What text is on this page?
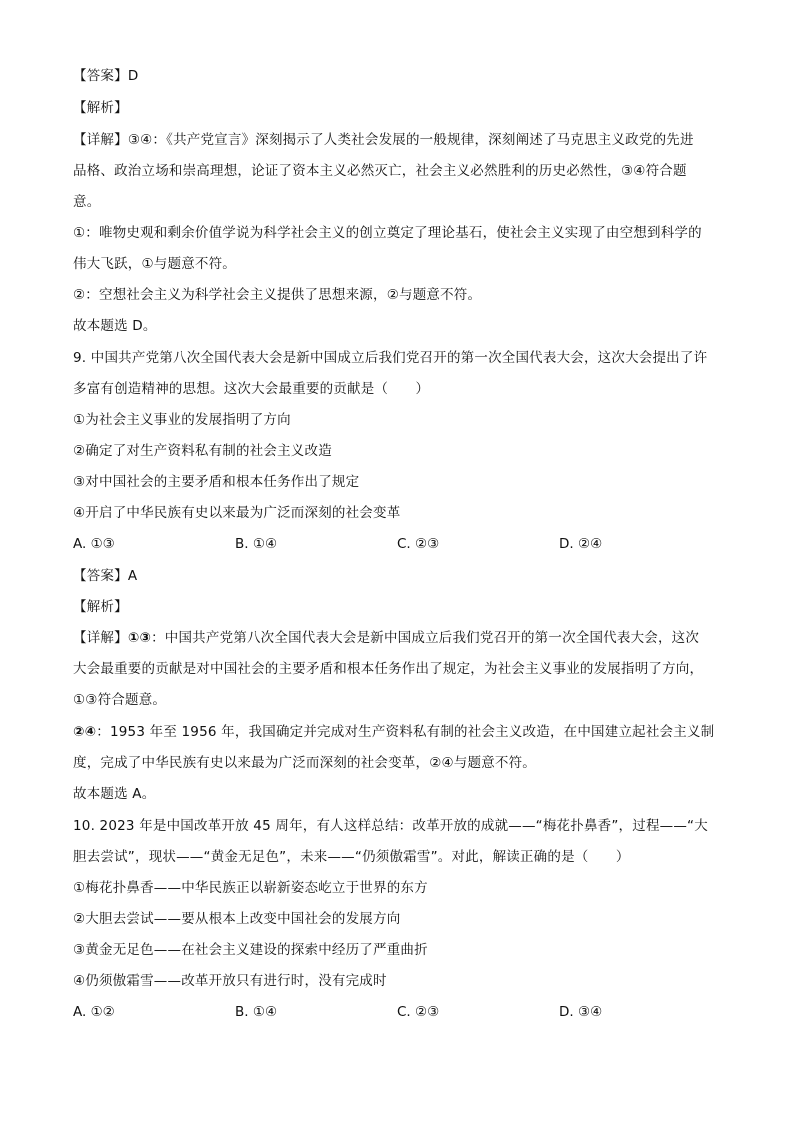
【答案】D
【解析】
【详解】③④：《共产党宣言》深刻揭示了人类社会发展的一般规律，深刻阐述了马克思主义政党的先进
品格、政治立场和崇高理想，论证了资本主义必然灭亡，社会主义必然胜利的历史必然性，③④符合题
意。
①：唯物史观和剩余价值学说为科学社会主义的创立奠定了理论基石，使社会主义实现了由空想到科学的
伟大飞跃，①与题意不符。
②：空想社会主义为科学社会主义提供了思想来源，②与题意不符。
故本题选 D。
9. 中国共产党第八次全国代表大会是新中国成立后我们党召开的第一次全国代表大会，这次大会提出了许
多富有创造精神的思想。这次大会最重要的贡献是（　　）
①为社会主义事业的发展指明了方向
②确定了对生产资料私有制的社会主义改造
③对中国社会的主要矛盾和根本任务作出了规定
④开启了中华民族有史以来最为广泛而深刻的社会变革
A. ①③	B. ①④	C. ②③	D. ②④
【答案】A
【解析】
【详解】①③：中国共产党第八次全国代表大会是新中国成立后我们党召开的第一次全国代表大会，这次
大会最重要的贡献是对中国社会的主要矛盾和根本任务作出了规定，为社会主义事业的发展指明了方向，
①③符合题意。
②④：1953 年至 1956 年，我国确定并完成对生产资料私有制的社会主义改造，在中国建立起社会主义制
度，完成了中华民族有史以来最为广泛而深刻的社会变革，②④与题意不符。
故本题选 A。
10. 2023 年是中国改革开放 45 周年，有人这样总结：改革开放的成就——“梅花扑鼻香”，过程——“大
胆去尝试”，现状——“黄金无足色”，未来——“仍须傲霜雪”。对此，解读正确的是（　　）
①梅花扑鼻香——中华民族正以崭新姿态屹立于世界的东方
②大胆去尝试——要从根本上改变中国社会的发展方向
③黄金无足色——在社会主义建设的探索中经历了严重曲折
④仍须傲霜雪——改革开放只有进行时，没有完成时
A. ①②	B. ①④	C. ②③	D. ③④
